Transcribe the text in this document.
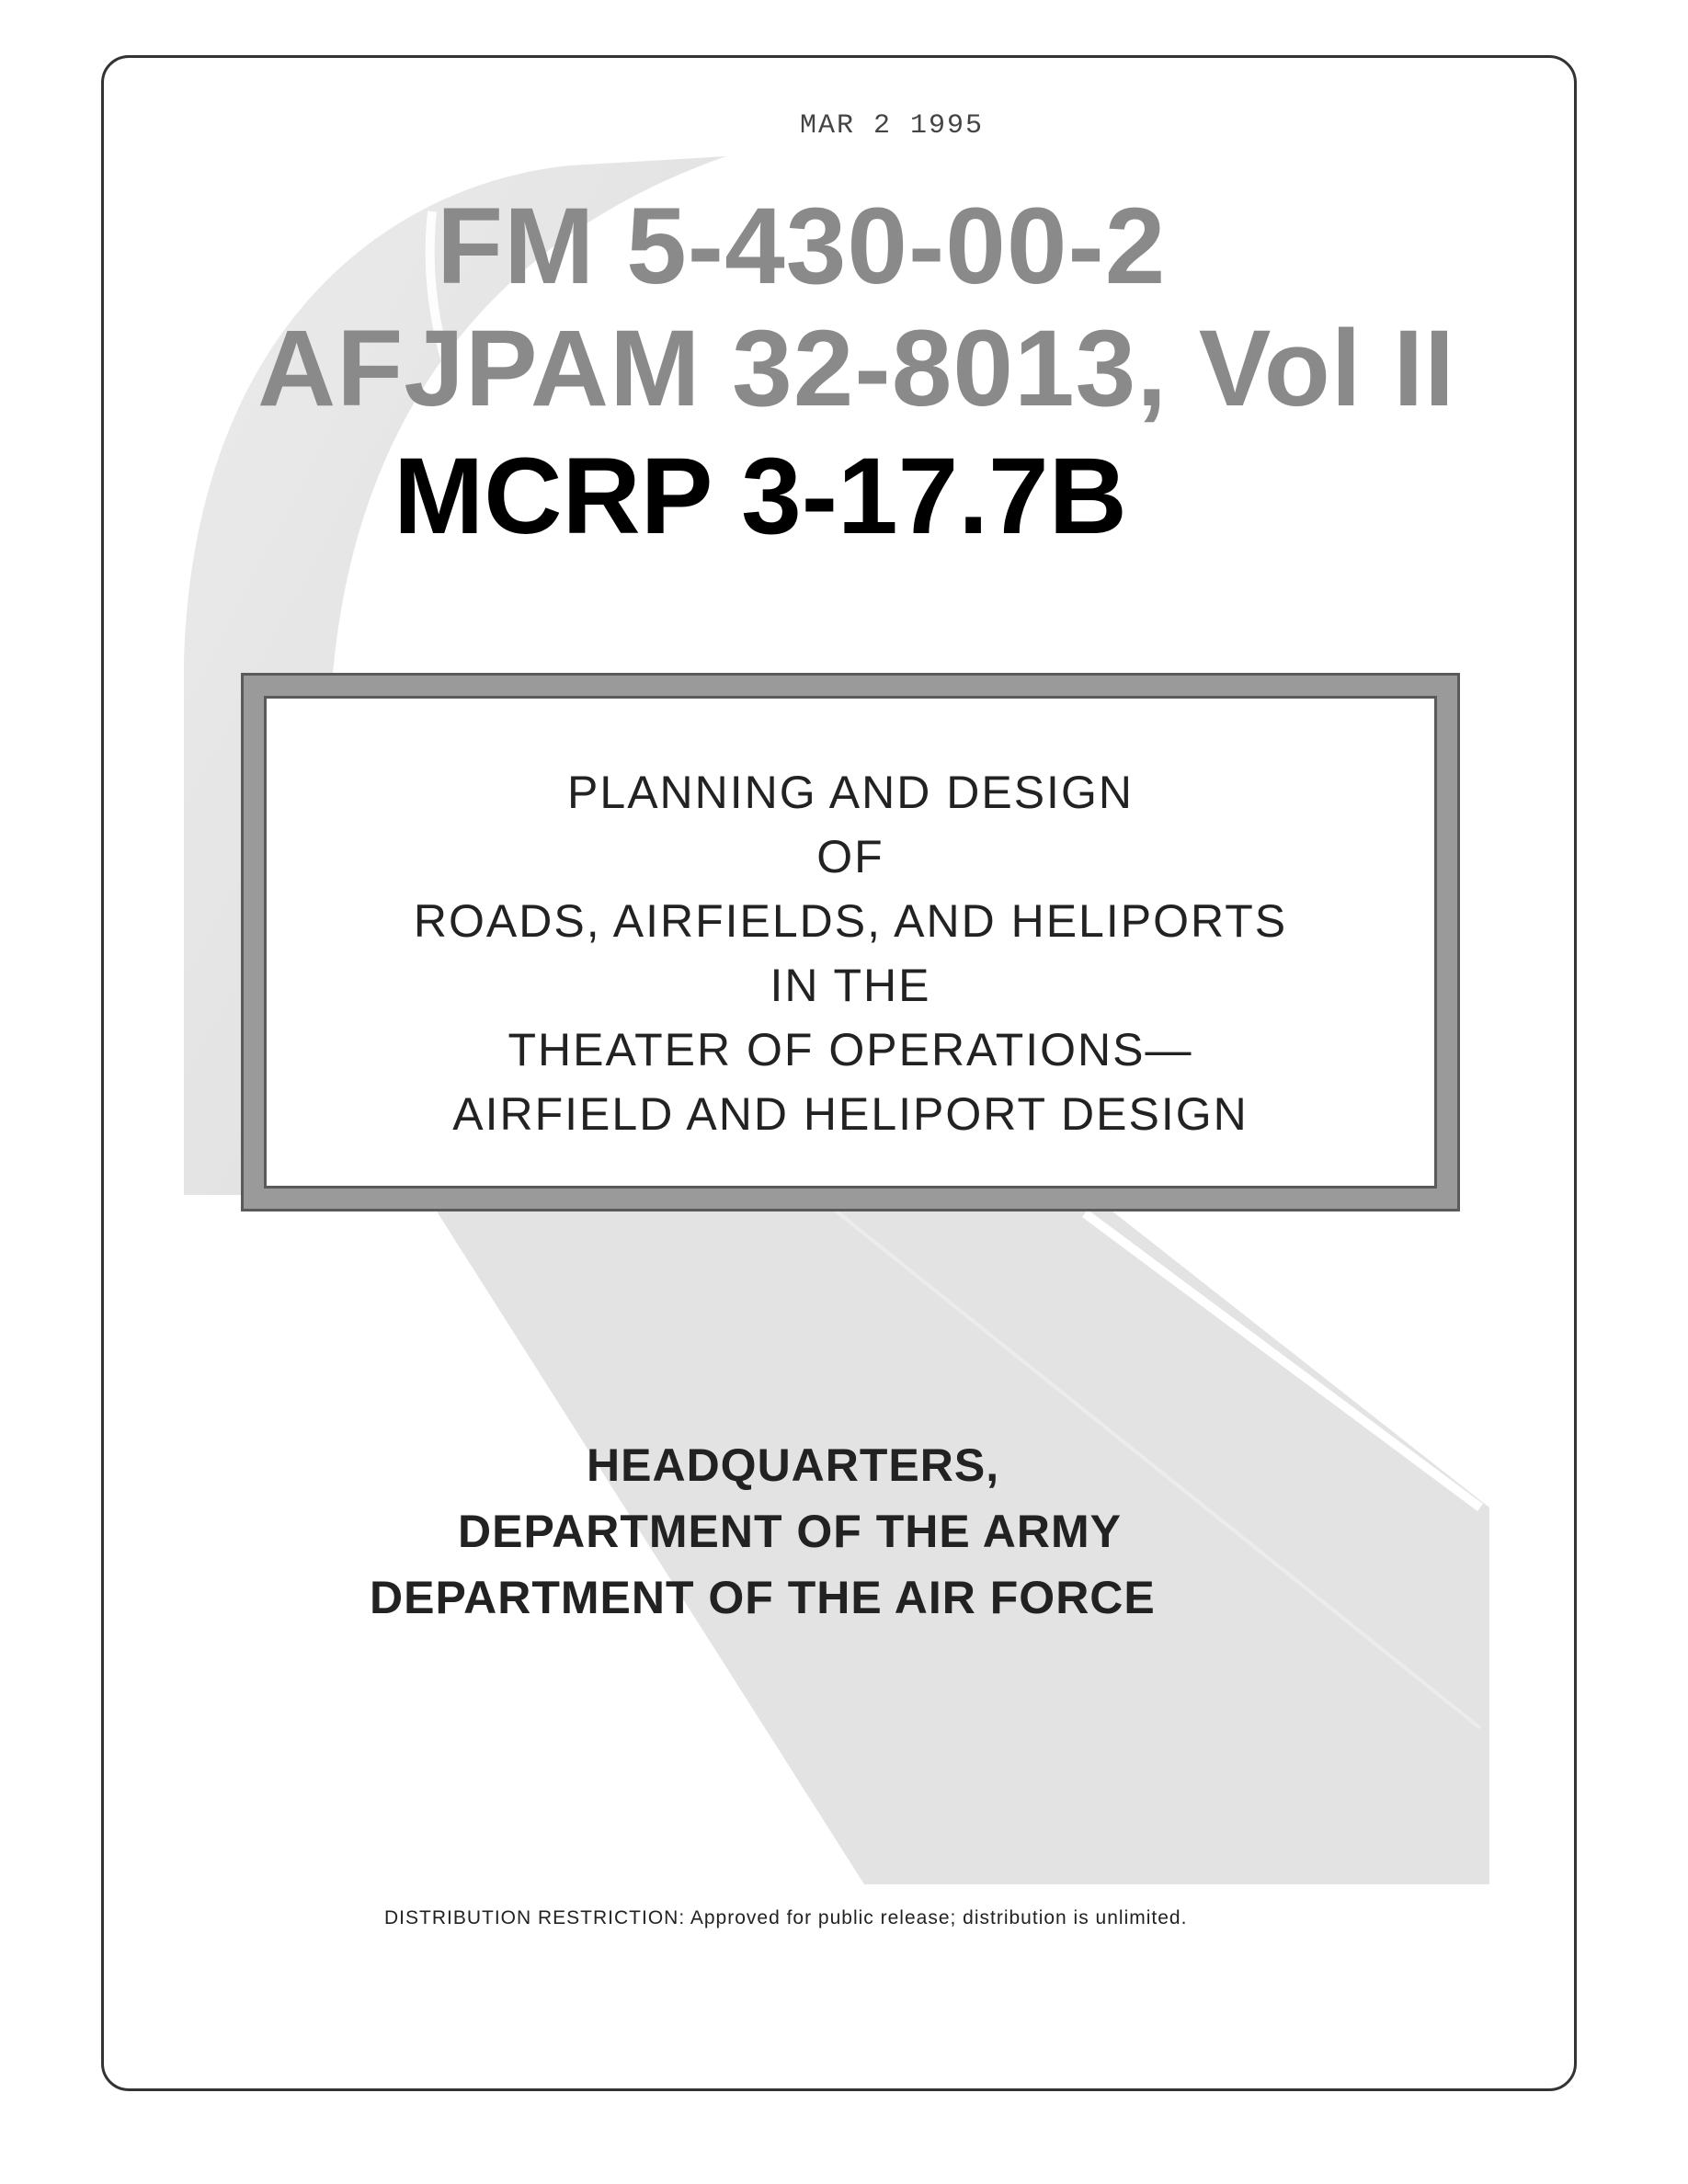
MAR 2 1995
FM 5-430-00-2
AFJPAM 32-8013, Vol II
MCRP 3-17.7B
PLANNING AND DESIGN
OF
ROADS, AIRFIELDS, AND HELIPORTS
IN THE
THEATER OF OPERATIONS—
AIRFIELD AND HELIPORT DESIGN
HEADQUARTERS,
DEPARTMENT OF THE ARMY
DEPARTMENT OF THE AIR FORCE
DISTRIBUTION RESTRICTION: Approved for public release; distribution is unlimited.
